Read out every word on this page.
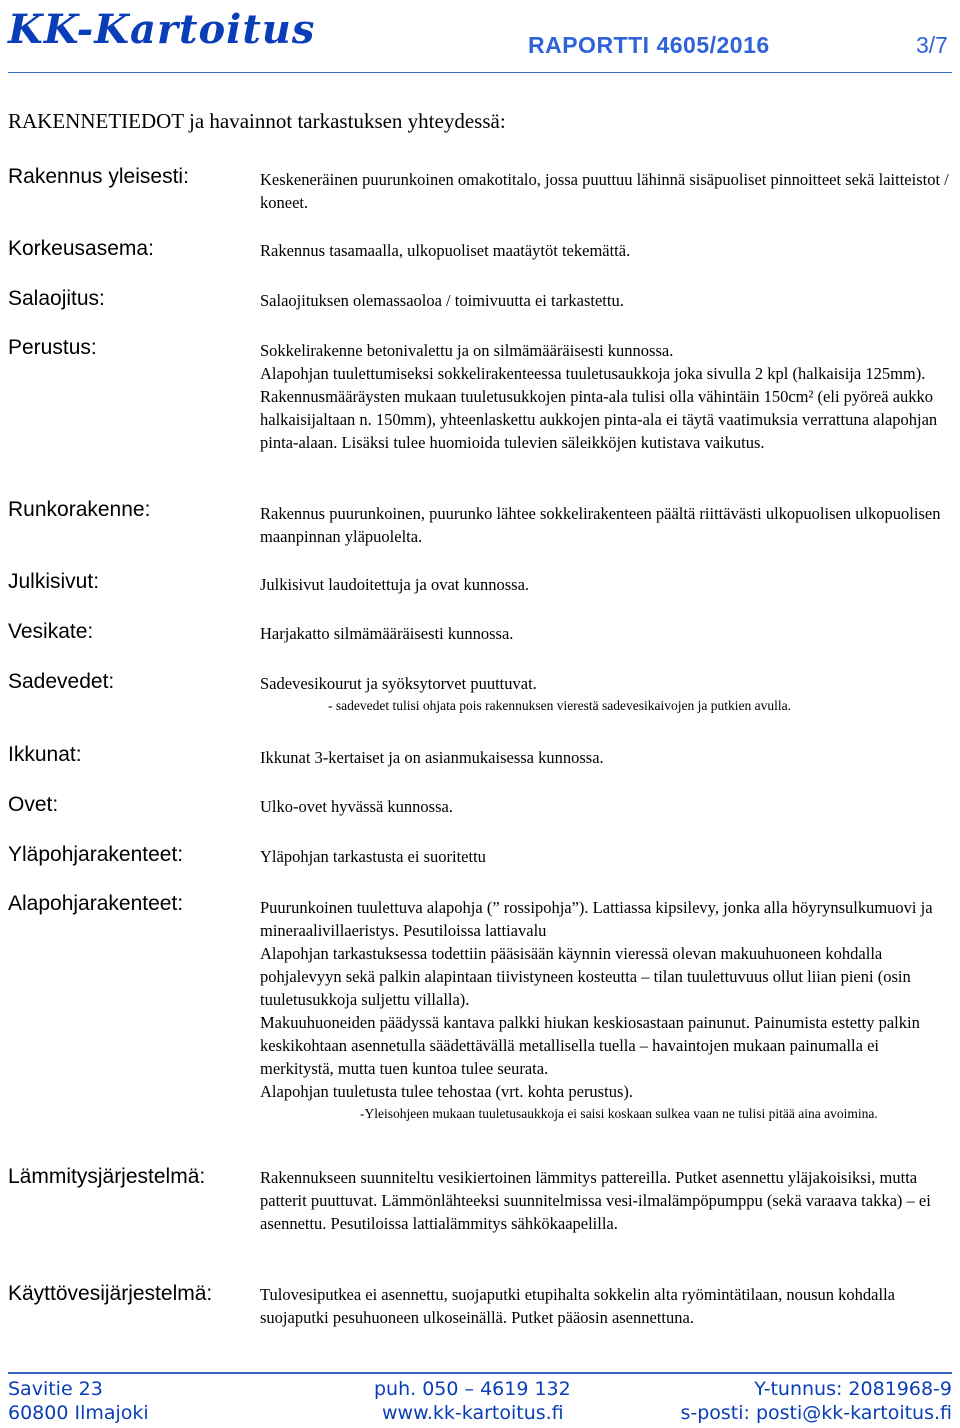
KK-Kartoitus	RAPORTTI 4605/2016	3/7
RAKENNETIEDOT ja havainnot tarkastuksen yhteydessä:
Rakennus yleisesti:	Keskeneräinen puurunkoinen omakotitalo, jossa puuttuu lähinnä sisäpuoliset pinnoitteet sekä laitteistot / koneet.

Korkeusasema:	Rakennus tasamaalla, ulkopuoliset maatäytöt tekemättä.

Salaojitus:	Salaojituksen olemassaoloa / toimivuutta ei tarkastettu.

Perustus:	Sokkelirakenne betonivalettu ja on silmämääräisesti kunnossa.

Alapohjan tuulettumiseksi sokkelirakenteessa tuuletusaukkoja joka sivulla 2 kpl (halkaisija 125mm). Rakennusmääräysten mukaan tuuletusukkojen pinta-ala tulisi olla vähintäin 150cm² (eli pyöreä aukko halkaisijaltaan n. 150mm), yhteenlaskettu aukkojen pinta-ala ei täytä vaatimuksia verrattuna alapohjan pinta-alaan. Lisäksi tulee huomioida tulevien säleikköjen kutistava vaikutus.

Runkorakenne:	Rakennus puurunkoinen, puurunko lähtee sokkelirakenteen päältä riittävästi ulkopuolisen ulkopuolisen maanpinnan yläpuolelta.

Julkisivut:	Julkisivut laudoitettuja ja ovat kunnossa.

Vesikate:	Harjakatto silmämääräisesti kunnossa.

Sadevedet:	Sadevesikourut ja syöksytorvet puuttuvat.

- sadevedet tulisi ohjata pois rakennuksen vierestä sadevesikaivojen ja putkien avulla.

Ikkunat:	Ikkunat 3-kertaiset ja on asianmukaisessa kunnossa.

Ovet:	Ulko-ovet hyvässä kunnossa.

Yläpohjarakenteet:	Yläpohjan tarkastusta ei suoritettu

Alapohjarakenteet:	Puurunkoinen tuulettuva alapohja (” rossipohja”). Lattiassa kipsilevy, jonka alla höyrynsulkumuovi ja mineraalivillaeristys. Pesutiloissa lattiavalu

Alapohjan tarkastuksessa todettiin pääsisään käynnin vieressä olevan makuuhuoneen kohdalla pohjalevyyn sekä palkin alapintaan tiivistyneen kosteutta – tilan tuulettuvuus ollut liian pieni (osin tuuletusukkoja suljettu villalla).

Makuuhuoneiden päädyssä kantava palkki hiukan keskiosastaan painunut. Painumista estetty palkin keskikohtaan asennetulla säädettävällä metallisella tuella – havaintojen mukaan painumalla ei merkitystä, mutta tuen kuntoa tulee seurata.

Alapohjan tuuletusta tulee tehostaa (vrt. kohta perustus).

-Yleisohjeen mukaan tuuletusaukkoja ei saisi koskaan sulkea vaan ne tulisi pitää aina avoimina.

Lämmitysjärjestelmä:	Rakennukseen suunniteltu vesikiertoinen lämmitys pattereilla. Putket asennettu yläjakoisiksi, mutta patterit puuttuvat. Lämmönlähteeksi suunnitelmissa vesi-ilmalämpöpumppu (sekä varaava takka) – ei asennettu. Pesutiloissa lattialämmitys sähkökaapelilla.

Käyttövesijärjestelmä:	Tulovesiputkea ei asennettu, suojaputki etupihalta sokkelin alta ryömintätilaan, nousun kohdalla suojaputki pesuhuoneen ulkoseinällä. Putket pääosin asennettuna.

Savitie 23
60800 Ilmajoki
puh. 050 – 4619 132
www.kk-kartoitus.fi
Y-tunnus: 2081968-9
s-posti: posti@kk-kartoitus.fi
